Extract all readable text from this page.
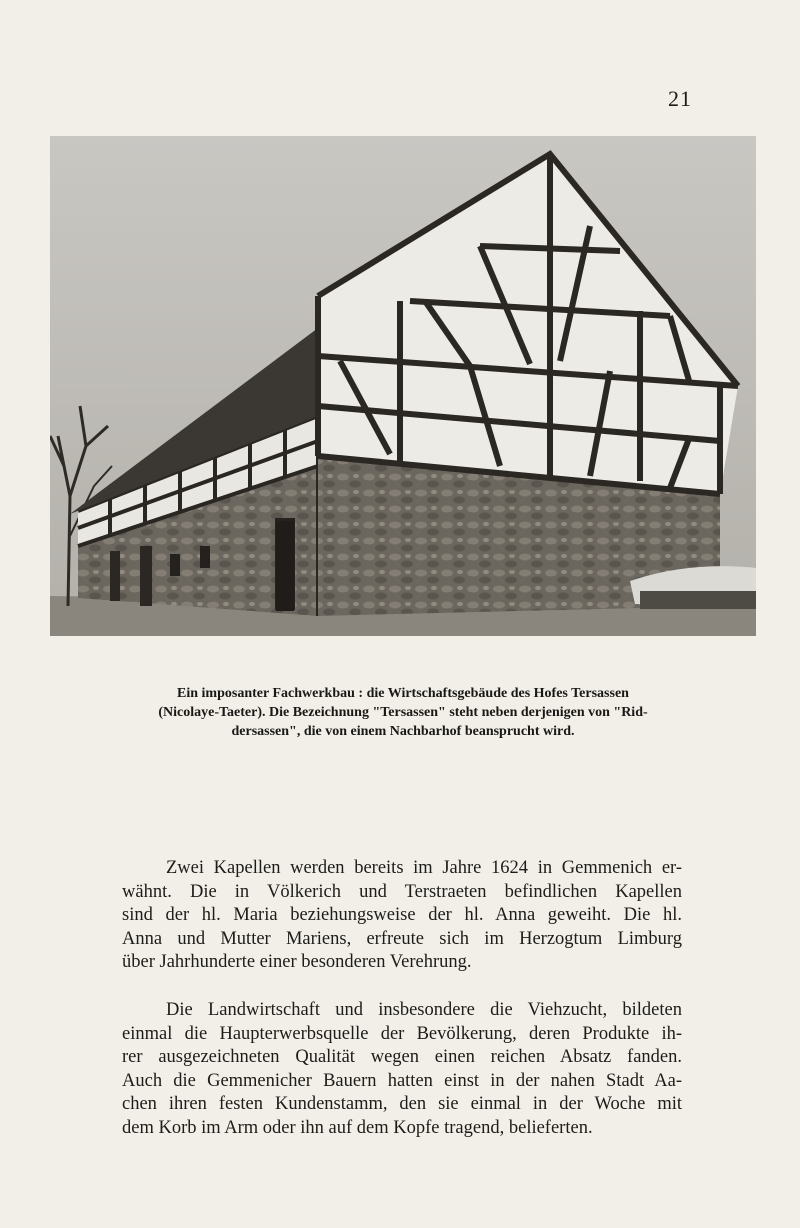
21
Ein imposanter Fachwerkbau : die Wirtschaftsgebäude des Hofes Tersassen
(Nicolaye-Taeter). Die Bezeichnung "Tersassen" steht neben derjenigen von "Rid-
dersassen", die von einem Nachbarhof beansprucht wird.
Zwei Kapellen werden bereits im Jahre 1624 in Gemmenich er-
wähnt. Die in Völkerich und Terstraeten befindlichen Kapellen
sind der hl. Maria beziehungsweise der hl. Anna geweiht. Die hl.
Anna und Mutter Mariens, erfreute sich im Herzogtum Limburg
über Jahrhunderte einer besonderen Verehrung.
Die Landwirtschaft und insbesondere die Viehzucht, bildeten
einmal die Haupterwerbsquelle der Bevölkerung, deren Produkte ih-
rer ausgezeichneten Qualität wegen einen reichen Absatz fanden.
Auch die Gemmenicher Bauern hatten einst in der nahen Stadt Aa-
chen ihren festen Kundenstamm, den sie einmal in der Woche mit
dem Korb im Arm oder ihn auf dem Kopfe tragend, belieferten.
